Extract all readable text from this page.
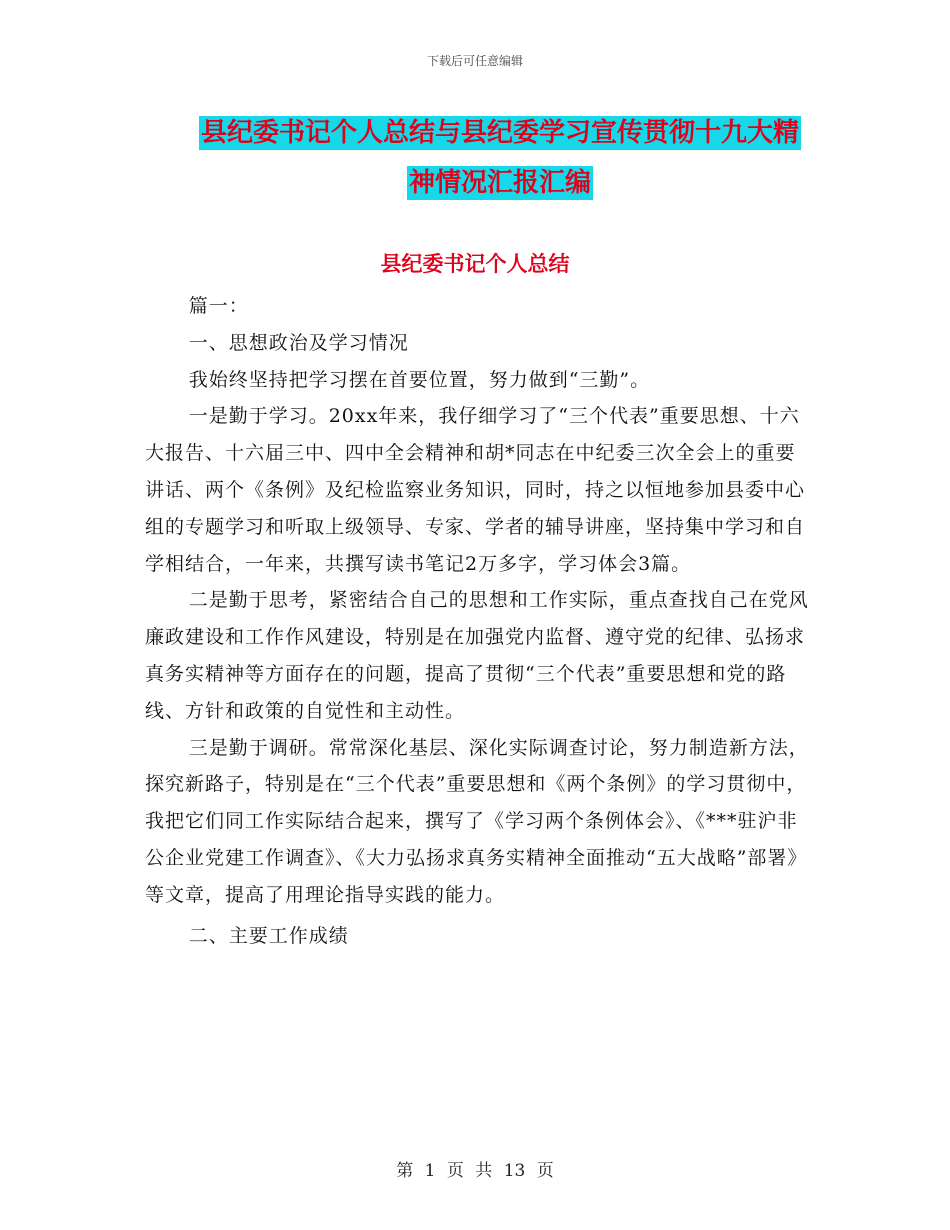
下载后可任意编辑
县纪委书记个人总结与县纪委学习宣传贯彻十九大精
神情况汇报汇编
县纪委书记个人总结

篇一：

一、思想政治及学习情况

我始终坚持把学习摆在首要位置，努力做到“三勤”。

一是勤于学习。20xx年来，我仔细学习了“三个代表”重要思想、十六大报告、十六届三中、四中全会精神和胡*同志在中纪委三次全会上的重要讲话、两个《条例》及纪检监察业务知识，同时，持之以恒地参加县委中心组的专题学习和听取上级领导、专家、学者的辅导讲座，坚持集中学习和自学相结合，一年来，共撰写读书笔记2万多字，学习体会3篇。

二是勤于思考，紧密结合自己的思想和工作实际，重点查找自己在党风廉政建设和工作作风建设，特别是在加强党内监督、遵守党的纪律、弘扬求真务实精神等方面存在的问题，提高了贯彻“三个代表”重要思想和党的路线、方针和政策的自觉性和主动性。

三是勤于调研。常常深化基层、深化实际调查讨论，努力制造新方法，探究新路子，特别是在“三个代表”重要思想和《两个条例》的学习贯彻中，我把它们同工作实际结合起来，撰写了《学习两个条例体会》、《***驻沪非公企业党建工作调查》、《大力弘扬求真务实精神全面推动“五大战略”部署》等文章，提高了用理论指导实践的能力。

二、主要工作成绩

第 1 页 共 13 页
